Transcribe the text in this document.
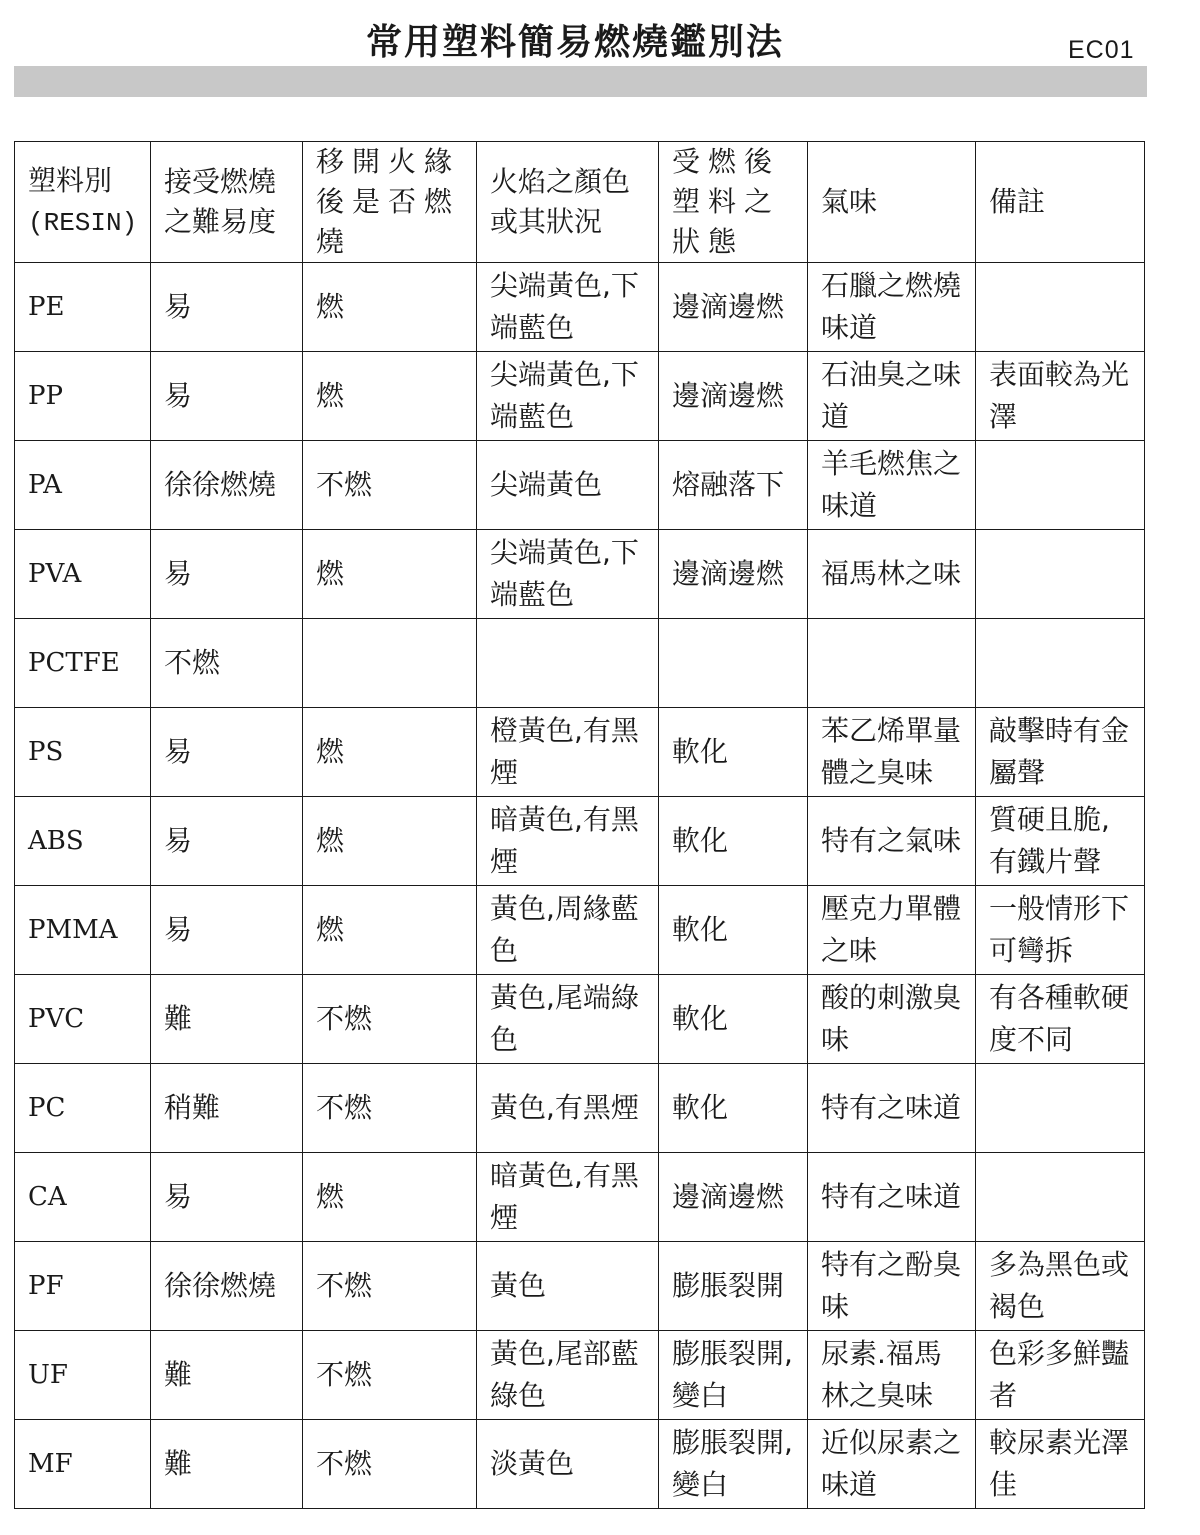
常用塑料簡易燃燒鑑別法	EC01
塑料別
(RESIN)	接受燃燒之難易度	移開火緣後是否燃燒	火焰之顏色或其狀況	受燃後塑料之狀態	氣味	備註
PE	易	燃	尖端黃色,下端藍色	邊滴邊燃	石臘之燃燒味道	
PP	易	燃	尖端黃色,下端藍色	邊滴邊燃	石油臭之味道	表面較為光澤
PA	徐徐燃燒	不燃	尖端黃色	熔融落下	羊毛燃焦之味道	
PVA	易	燃	尖端黃色,下端藍色	邊滴邊燃	福馬林之味	
PCTFE	不燃					
PS	易	燃	橙黃色,有黑煙	軟化	苯乙烯單量體之臭味	敲擊時有金屬聲
ABS	易	燃	暗黃色,有黑煙	軟化	特有之氣味	質硬且脆,有鐵片聲
PMMA	易	燃	黃色,周緣藍色	軟化	壓克力單體之味	一般情形下可彎拆
PVC	難	不燃	黃色,尾端綠色	軟化	酸的刺激臭味	有各種軟硬度不同
PC	稍難	不燃	黃色,有黑煙	軟化	特有之味道	
CA	易	燃	暗黃色,有黑煙	邊滴邊燃	特有之味道	
PF	徐徐燃燒	不燃	黃色	膨脹裂開	特有之酚臭味	多為黑色或褐色
UF	難	不燃	黃色,尾部藍綠色	膨脹裂開,變白	尿素.福馬林之臭味	色彩多鮮豔者
MF	難	不燃	淡黃色	膨脹裂開,變白	近似尿素之味道	較尿素光澤佳
